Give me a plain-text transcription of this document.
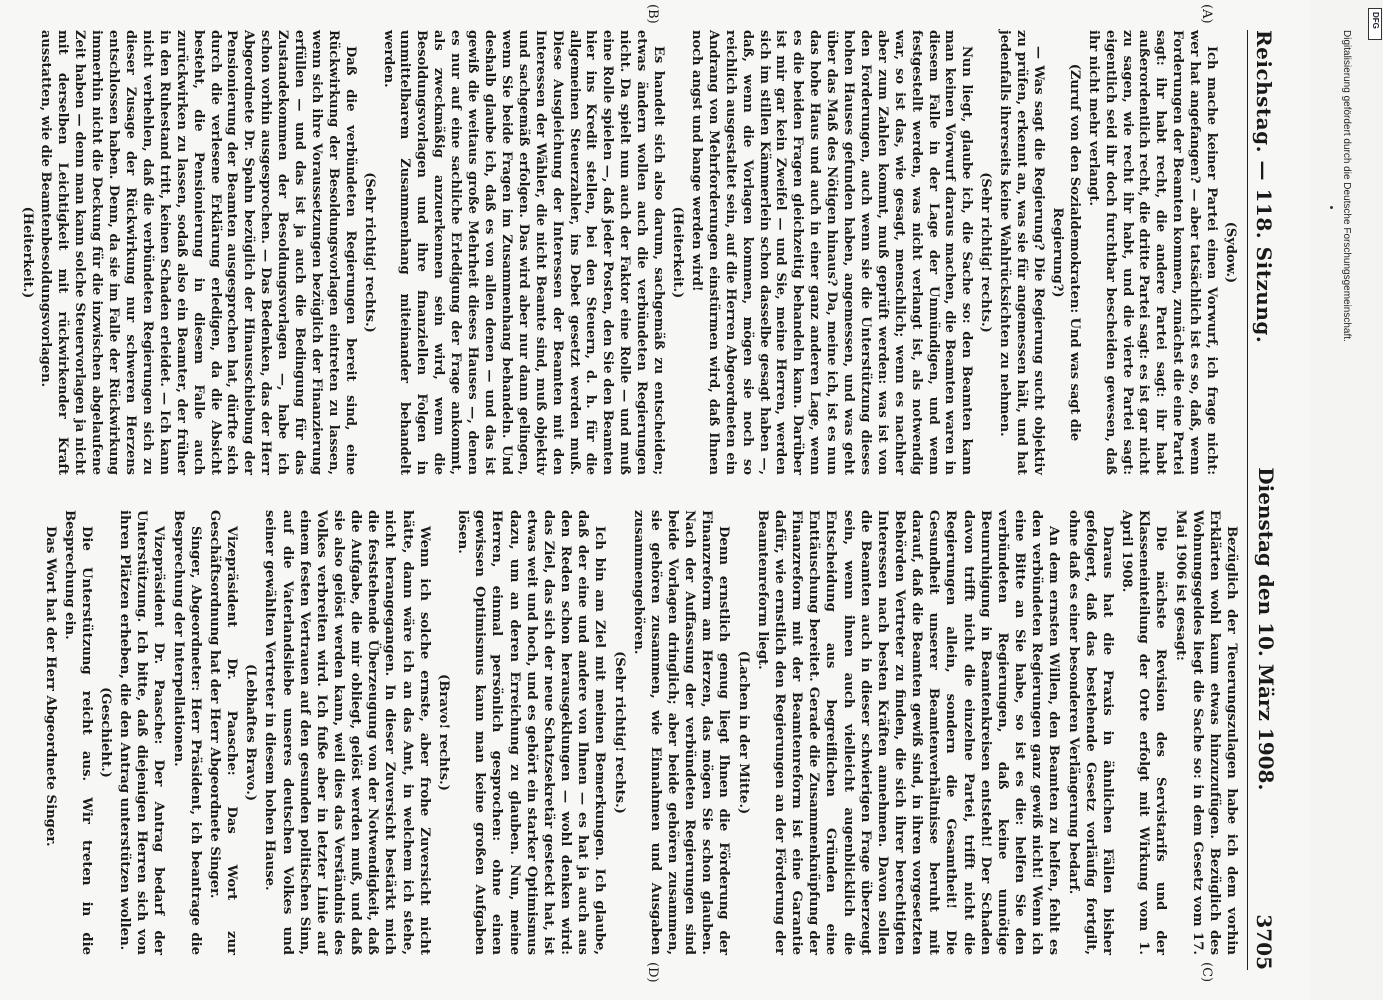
Reichstag. — 118. Sitzung.
Dienstag den 10. März 1908.
3705

(Sydow.)

Ich mache keiner Partei einen Vorwurf, ich frage nicht: wer hat angefangen? — aber tatsächlich ist es so, daß, wenn Forderungen der Beamten kommen, zunächst die eine Partei sagt: ihr habt recht, die andere Partei sagt: ihr habt außerordentlich recht, die dritte Partei sagt: es ist gar nicht zu sagen, wie recht ihr habt, und die vierte Partei sagt: eigentlich seid ihr doch furchtbar bescheiden gewesen, daß ihr nicht mehr verlangt.

(Zuruf von den Sozialdemokraten: Und was sagt die Regierung?)

— Was sagt die Regierung? Die Regierung sucht objektiv zu prüfen, erkennt an, was sie für angemessen hält, und hat jedenfalls ihrerseits keine Wahlrücksichten zu nehmen.

(Sehr richtig! rechts.)

Nun liegt, glaube ich, die Sache so: den Beamten kann man keinen Vorwurf daraus machen, die Beamten waren in diesem Falle in der Lage der Unmündigen, und wenn festgestellt werden, was nicht verlangt ist, als notwendig war, so ist das, wie gesagt, menschlich; wenn es nachher aber zum Zahlen kommt, muß geprüft werden: was ist von den Forderungen, auch wenn sie die Unterstützung dieses hohen Hauses gefunden haben, angemessen, und was geht über das Maß des Nötigen hinaus? Da, meine ich, ist es nun das hohe Haus und auch in einer ganz anderen Lage, wenn es die beiden Fragen gleichzeitig behandeln kann. Darüber ist mir gar kein Zweifel — und Sie, meine Herren, werden sich im stillen Kämmerlein schon dasselbe gesagt haben —, daß, wenn die Vorlagen kommen, mögen sie noch so reichlich ausgestaltet sein, auf die Herren Abgeordneten ein Andrang von Mehrforderungen einstürmen wird, daß Ihnen noch angst und bange werden wird!

(Heiterkeit.)

Es handelt sich also darum, sachgemäß zu entscheiden; etwas ändern wollen auch die verbündeten Regierungen nicht. Da spielt nun auch der Faktor eine Rolle — und muß eine Rolle spielen —, daß jeder Posten, den Sie den Beamten hier ins Kredit stellen, bei den Steuern, d. h. für die allgemeinen Steuerzahler, ins Debet gesetzt werden muß. Diese Ausgleichung der Interessen der Beamten mit den Interessen der Wähler, die nicht Beamte sind, muß objektiv und sachgemäß erfolgen. Das wird aber nur dann gelingen, wenn Sie beide Fragen im Zusammenhang behandeln. Und deshalb glaube ich, daß es von allen denen — und das ist gewiß die weitaus große Mehrheit dieses Hauses —, denen es nur auf eine sachliche Erledigung der Frage ankommt, als zweckmäßig anzuerkennen sein wird, wenn die Besoldungsvorlagen und ihre finanziellen Folgen in unmittelbarem Zusammenhang miteinander behandelt werden.

(Sehr richtig! rechts.)

Daß die verbündeten Regierungen bereit sind, eine Rückwirkung der Besoldungsvorlagen eintreten zu lassen, wenn sich ihre Voraussetzungen bezüglich der Finanzierung erfüllen — und das ist ja auch die Bedingung für das Zustandekommen der Besoldungsvorlagen —, habe ich schon vorhin ausgesprochen. — Das Bedenken, das der Herr Abgeordnete Dr. Spahn bezüglich der Hinausschiebung der Pensionierung der Beamten ausgesprochen hat, dürfte sich durch die verlesene Erklärung erledigen, da die Absicht besteht, die Pensionierung in diesem Falle auch zurückwirken zu lassen, sodaß also ein Beamter, der früher in den Ruhestand tritt, keinen Schaden erleidet. — Ich kann nicht verhehlen, daß die verbündeten Regierungen sich zu dieser Zusage der Rückwirkung nur schweren Herzens entschlossen haben. Denn, da sie im Falle der Rückwirkung immerhin nicht die Deckung für die inzwischen abgelaufene Zeit haben — denn man kann solche Steuervorlagen ja nicht mit derselben Leichtigkeit mit rückwirkender Kraft ausstatten, wie die Beamtenbesoldungsvorlagen.

(Heiterkeit.)

Bezüglich der Teuerungszulagen habe ich dem vorhin Erklärten wohl kaum etwas hinzuzufügen. Bezüglich des Wohnungsgeldes liegt die Sache so: in dem Gesetz vom 17. Mai 1906 ist gesagt:

Die nächste Revision des Servistarifs und der Klasseneinteilung der Orte erfolgt mit Wirkung vom 1. April 1908.

Daraus hat die Praxis in ähnlichen Fällen bisher gefolgert, daß das bestehende Gesetz vorläufig fortgilt, ohne daß es einer besonderen Verlängerung bedarf.

An dem ernsten Willen, den Beamten zu helfen, fehlt es den verbündeten Regierungen ganz gewiß nicht! Wenn ich eine Bitte an Sie habe, so ist es die: helfen Sie den verbündeten Regierungen, daß keine unnötige Beunruhigung in Beamtenkreisen entsteht! Der Schaden davon trifft nicht die einzelne Partei, trifft nicht die Regierungen allein, sondern die Gesamtheit! Die Gesundheit unserer Beamtenverhältnisse beruht mit darauf, daß die Beamten gewiß sind, in ihren vorgesetzten Behörden Vertreter zu finden, die sich ihrer berechtigten Interessen nach besten Kräften annehmen. Davon sollen die Beamten auch in dieser schwierigen Frage überzeugt sein, wenn ihnen auch vielleicht augenblicklich die Entscheidung aus begreiflichen Gründen eine Enttäuschung bereitet. Gerade die Zusammenknüpfung der Finanzreform mit der Beamtenreform ist eine Garantie dafür, wie ernstlich den Regierungen an der Förderung der Beamtenreform liegt.

(Lachen in der Mitte.)

Denn ernstlich genug liegt Ihnen die Förderung der Finanzreform am Herzen, das mögen Sie schon glauben. Nach der Auffassung der verbündeten Regierungen sind beide Vorlagen dringlich; aber beide gehören zusammen, sie gehören zusammen, wie Einnahmen und Ausgaben zusammengehören.

(Sehr richtig! rechts.)

Ich bin am Ziel mit meinen Bemerkungen. Ich glaube, daß der eine und andere von Ihnen — es hat ja auch aus den Reden schon herausgeklungen — wohl denken wird: das Ziel, das sich der neue Schatzsekretär gesteckt hat, ist etwas weit und hoch, und es gehört ein starker Optimismus dazu, um an deren Erreichung zu glauben. Nun, meine Herren, einmal persönlich gesprochen: ohne einen gewissen Optimismus kann man keine großen Aufgaben lösen.

(Bravo! rechts.)

Wenn ich solche ernste, aber frohe Zuversicht nicht hätte, dann wäre ich an das Amt, in welchem ich stehe, nicht herangegangen. In dieser Zuversicht bestärkt mich die feststehende Überzeugung von der Notwendigkeit, daß die Aufgabe, die mir obliegt, gelöst werden muß, und daß sie also gelöst werden kann, weil dies das Verständnis des Volkes verbreiten wird. Ich fuße aber in letzter Linie auf einem festen Vertrauen auf den gesunden politischen Sinn, auf die Vaterlandsliebe unseres deutschen Volkes und seiner gewählten Vertreter in diesem hohen Hause.

(Lebhaftes Bravo.)

Vizepräsident Dr. Paasche: Das Wort zur Geschäftsordnung hat der Herr Abgeordnete Singer.

Singer, Abgeordneter: Herr Präsident, ich beantrage die Besprechung der Interpellationen.

Vizepräsident Dr. Paasche: Der Antrag bedarf der Unterstützung. Ich bitte, daß diejenigen Herren sich von ihren Plätzen erheben, die den Antrag unterstützen wollen.

(Geschieht.)

Die Unterstützung reicht aus. Wir treten in die Besprechung ein.

Das Wort hat der Herr Abgeordnete Singer.

(A)
(B)
(C)
(D)
Digitalisierung gefördert durch die Deutsche Forschungsgemeinschaft.
DFG
